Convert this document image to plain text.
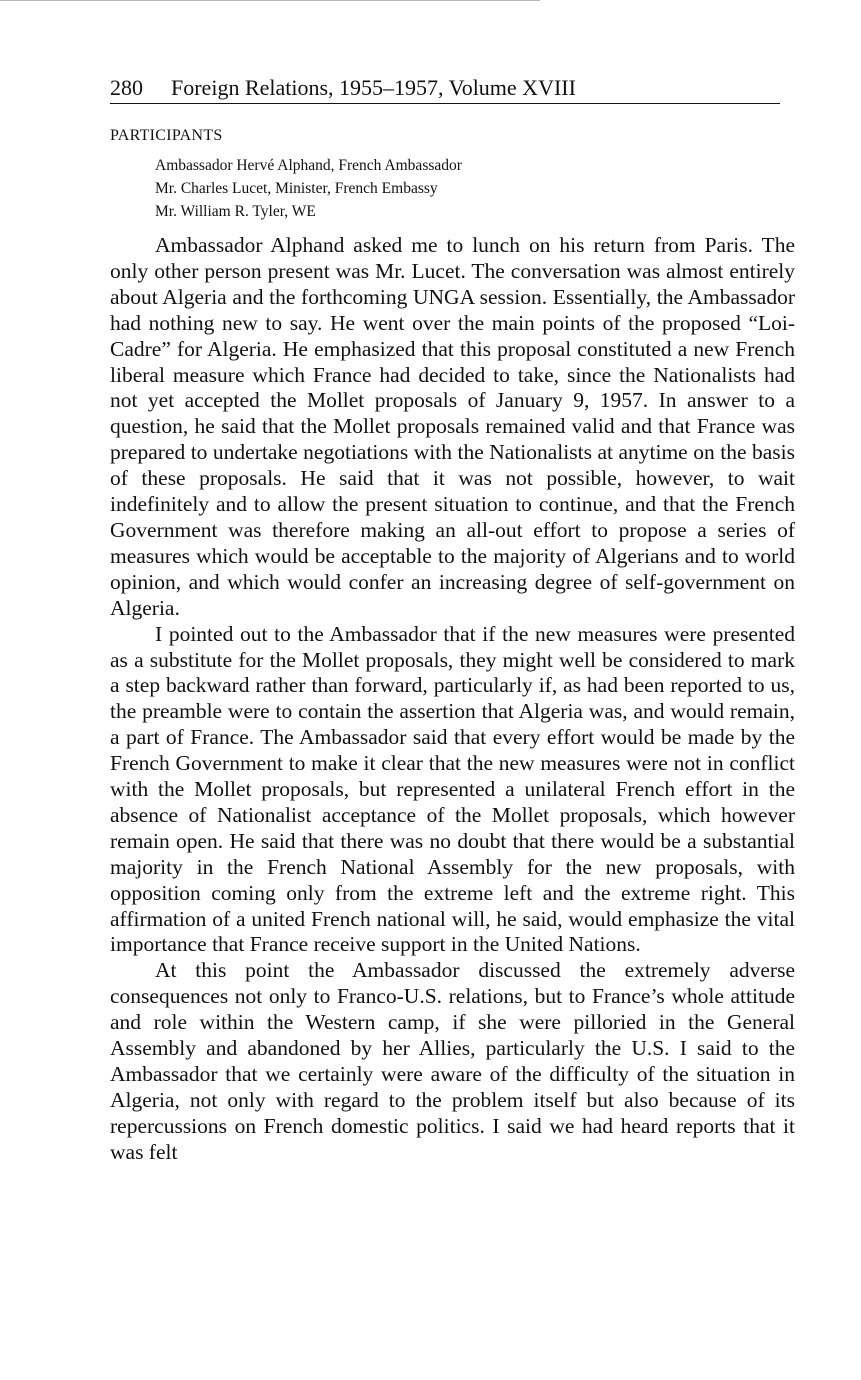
280 Foreign Relations, 1955–1957, Volume XVIII
PARTICIPANTS
Ambassador Hervé Alphand, French Ambassador
Mr. Charles Lucet, Minister, French Embassy
Mr. William R. Tyler, WE

Ambassador Alphand asked me to lunch on his return from Paris. The only other person present was Mr. Lucet. The conversation was almost entirely about Algeria and the forthcoming UNGA session. Essentially, the Ambassador had nothing new to say. He went over the main points of the proposed “Loi-Cadre” for Algeria. He emphasized that this proposal constituted a new French liberal measure which France had decided to take, since the Nationalists had not yet accepted the Mollet proposals of January 9, 1957. In answer to a question, he said that the Mollet proposals remained valid and that France was prepared to undertake negotiations with the Nationalists at anytime on the basis of these proposals. He said that it was not possible, however, to wait indefinitely and to allow the present situation to continue, and that the French Government was therefore making an all-out effort to propose a series of measures which would be acceptable to the majority of Algerians and to world opinion, and which would confer an increasing degree of self-government on Algeria.

I pointed out to the Ambassador that if the new measures were presented as a substitute for the Mollet proposals, they might well be considered to mark a step backward rather than forward, particularly if, as had been reported to us, the preamble were to contain the assertion that Algeria was, and would remain, a part of France. The Ambassador said that every effort would be made by the French Government to make it clear that the new measures were not in conflict with the Mollet proposals, but represented a unilateral French effort in the absence of Nationalist acceptance of the Mollet proposals, which however remain open. He said that there was no doubt that there would be a substantial majority in the French National Assembly for the new proposals, with opposition coming only from the extreme left and the extreme right. This affirmation of a united French national will, he said, would emphasize the vital importance that France receive support in the United Nations.

At this point the Ambassador discussed the extremely adverse consequences not only to Franco-U.S. relations, but to France’s whole attitude and role within the Western camp, if she were pilloried in the General Assembly and abandoned by her Allies, particularly the U.S. I said to the Ambassador that we certainly were aware of the difficulty of the situation in Algeria, not only with regard to the problem itself but also because of its repercussions on French domestic politics. I said we had heard reports that it was felt
